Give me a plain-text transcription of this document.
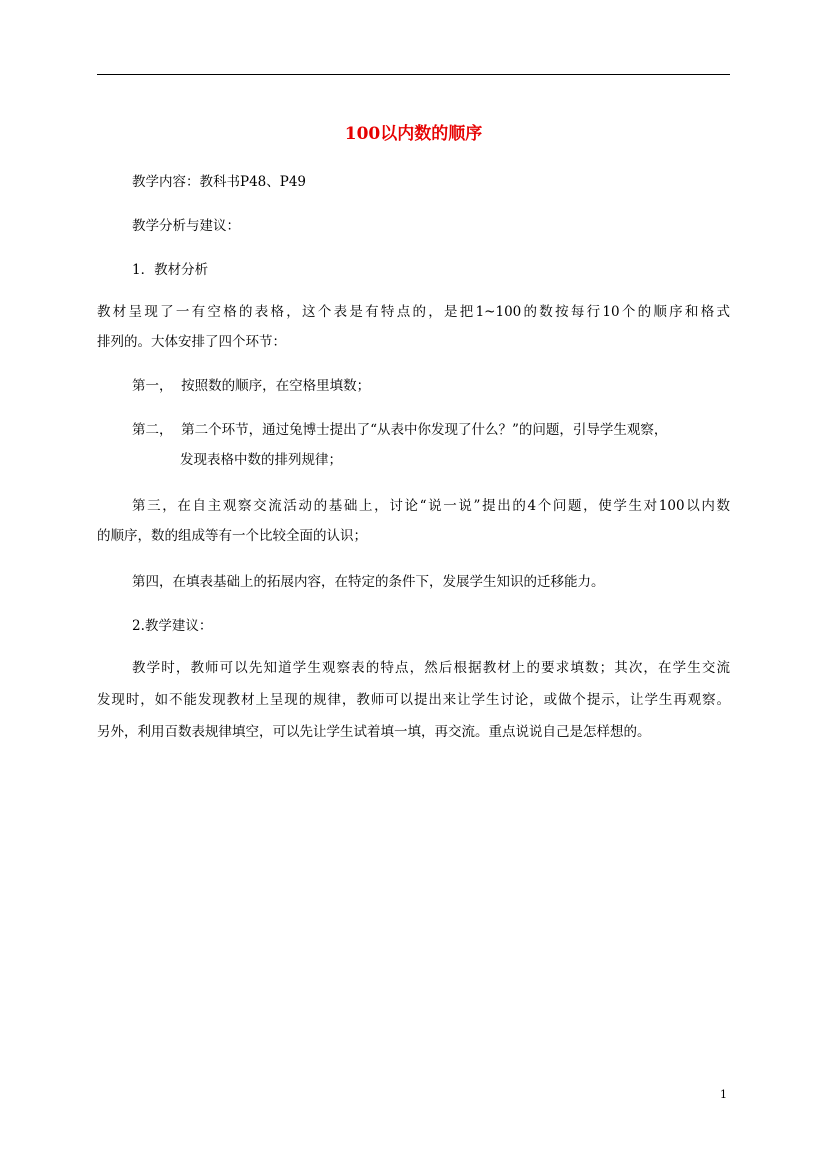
100以内数的顺序
教学内容：教科书P48、P49
教学分析与建议：
1．教材分析
教材呈现了一有空格的表格，这个表是有特点的，是把1~100的数按每行10个的顺序和格式
排列的。大体安排了四个环节：
第一，  按照数的顺序，在空格里填数；
第二，  第二个环节，通过兔博士提出了“从表中你发现了什么？”的问题，引导学生观察，
发现表格中数的排列规律；
第三，在自主观察交流活动的基础上，讨论“说一说”提出的4个问题，使学生对100以内数
的顺序，数的组成等有一个比较全面的认识；
第四，在填表基础上的拓展内容，在特定的条件下，发展学生知识的迁移能力。
2.教学建议：
教学时，教师可以先知道学生观察表的特点，然后根据教材上的要求填数；其次，在学生交流
发现时，如不能发现教材上呈现的规律，教师可以提出来让学生讨论，或做个提示，让学生再观察。
另外，利用百数表规律填空，可以先让学生试着填一填，再交流。重点说说自己是怎样想的。
1
